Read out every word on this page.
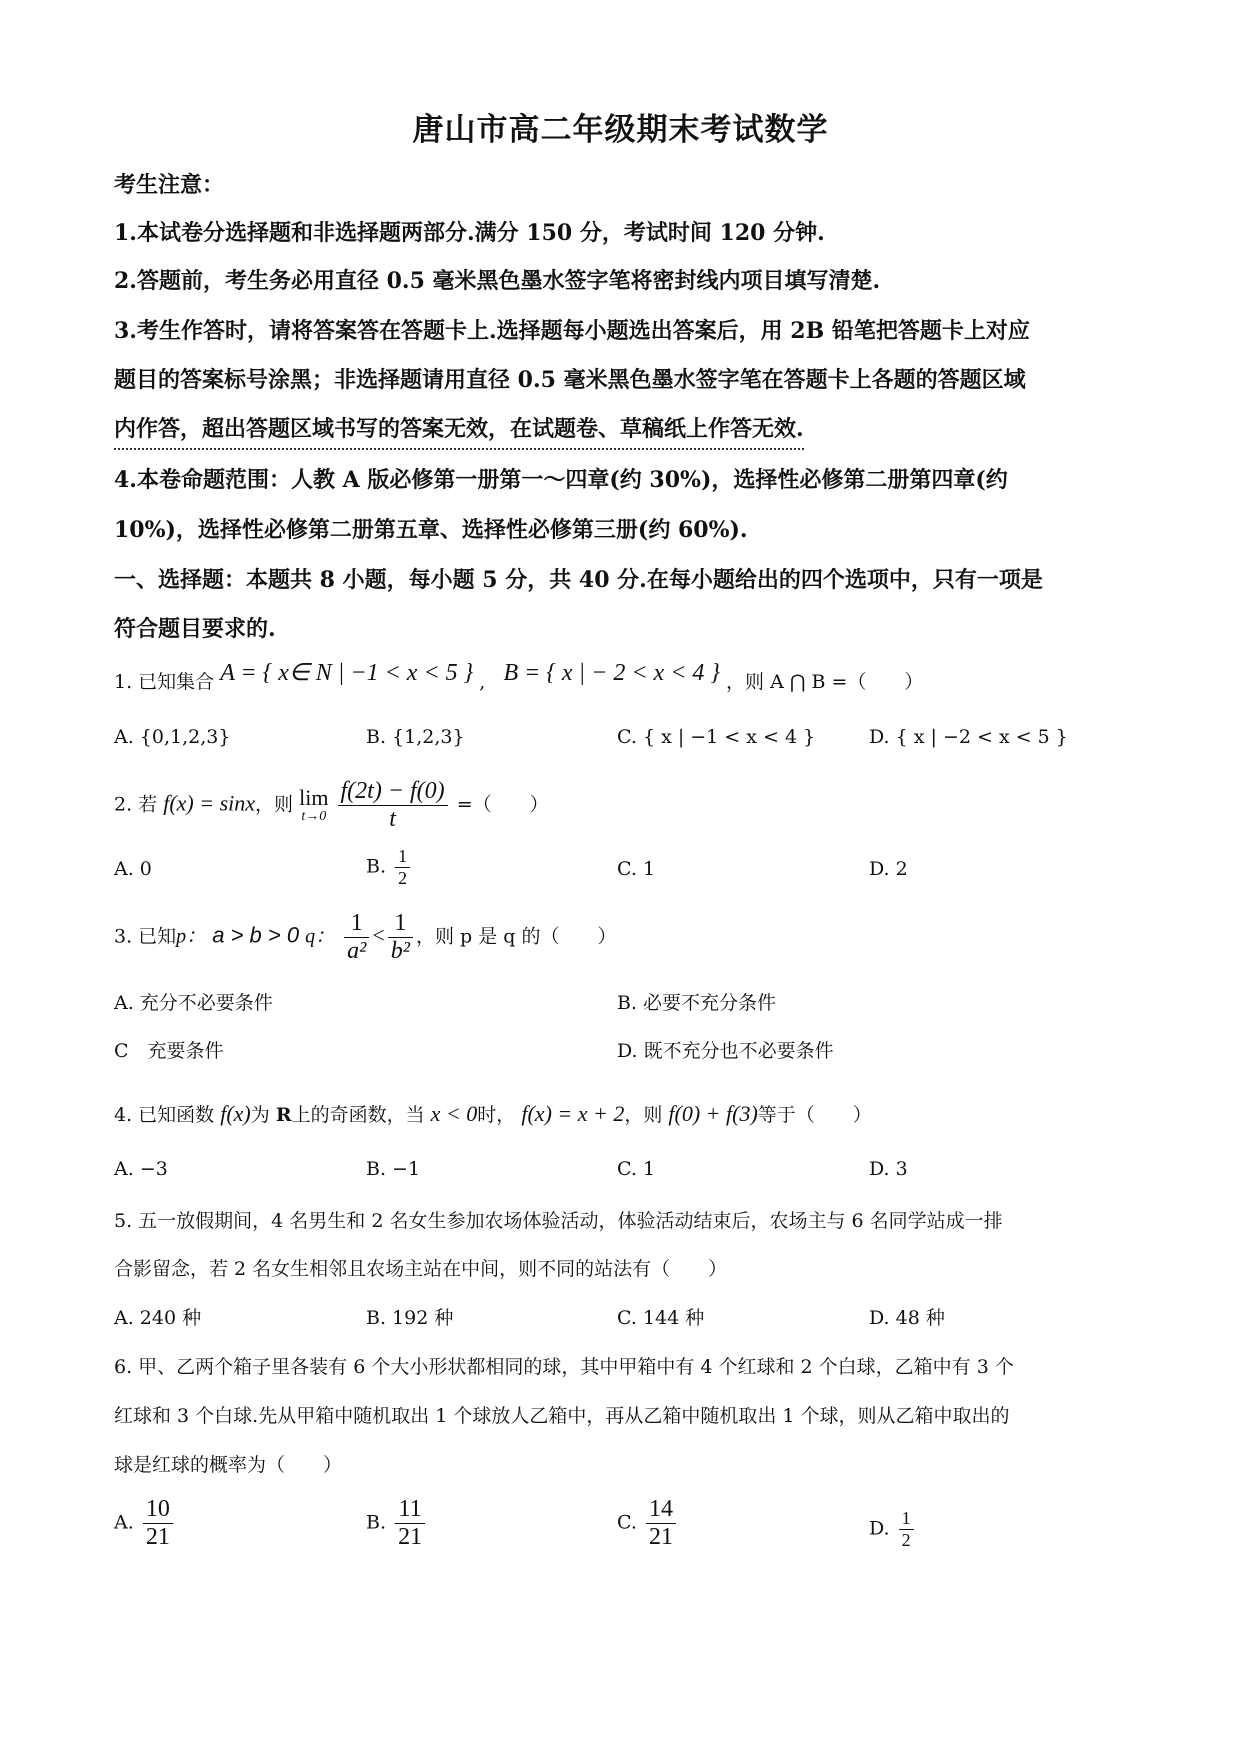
唐山市高二年级期末考试数学
考生注意：
1.本试卷分选择题和非选择题两部分.满分 150 分，考试时间 120 分钟.
2.答题前，考生务必用直径 0.5 毫米黑色墨水签字笔将密封线内项目填写清楚.
3.考生作答时，请将答案答在答题卡上.选择题每小题选出答案后，用 2B 铅笔把答题卡上对应
题目的答案标号涂黑；非选择题请用直径 0.5 毫米黑色墨水签字笔在答题卡上各题的答题区域
内作答，超出答题区域书写的答案无效，在试题卷、草稿纸上作答无效.
4.本卷命题范围：人教 A 版必修第一册第一～四章(约 30%)，选择性必修第二册第四章(约
10%)，选择性必修第二册第五章、选择性必修第三册(约 60%).
一、选择题：本题共 8 小题，每小题 5 分，共 40 分.在每小题给出的四个选项中，只有一项是
符合题目要求的.
1. 已知集合 A = { x∈ N | −1 < x < 5 } ,   B = { x | − 2 < x < 4 } ，则 A ⋂ B =（　　）
A. {0,1,2,3}	B. {1,2,3}	C. { x | −1 < x < 4 }	D. { x | −2 < x < 5 }
2. 若 f(x) = sinx，则 lim
t→0
$\frac{f(2t) - f(0)}{t}$ =（　　）
A. 0	B. $\frac{1}{2}$	C. 1	D. 2
3. 已知p： a > b > 0 q： $\frac{1}{\text{a²}} < \frac{1}{\text{b²}}$ ，则 p 是 q 的（　　）
A. 充分不必要条件	B. 必要不充分条件
C　充要条件	D. 既不充分也不必要条件
4. 已知函数 f(x)为 R上的奇函数，当 x < 0时， f(x) = x + 2，则 f(0) + f(3)等于（　　）
A. −3	B. −1	C. 1	D. 3
5. 五一放假期间，4 名男生和 2 名女生参加农场体验活动，体验活动结束后，农场主与 6 名同学站成一排
合影留念，若 2 名女生相邻且农场主站在中间，则不同的站法有（　　）
A. 240 种	B. 192 种	C. 144 种	D. 48 种
6. 甲、乙两个箱子里各装有 6 个大小形状都相同的球，其中甲箱中有 4 个红球和 2 个白球，乙箱中有 3 个
红球和 3 个白球.先从甲箱中随机取出 1 个球放人乙箱中，再从乙箱中随机取出 1 个球，则从乙箱中取出的
球是红球的概率为（　　）
A. $\frac{10}{21}$	B. $\frac{11}{21}$	C. $\frac{14}{21}$	D. $\frac{1}{2}$
